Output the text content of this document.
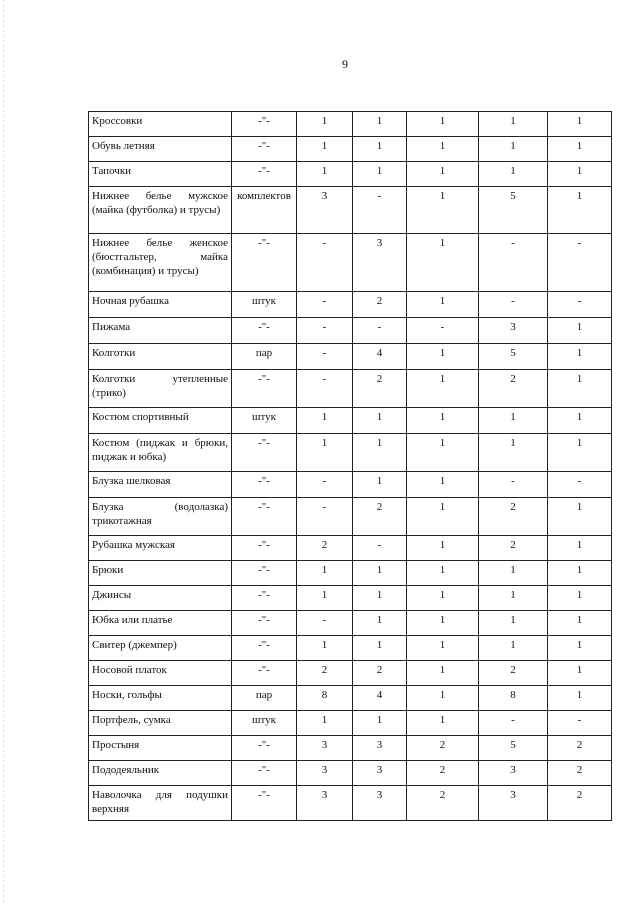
9
Кроссовки	-"-	1	1	1	1	1
Обувь летняя	-"-	1	1	1	1	1
Тапочки	-"-	1	1	1	1	1
Нижнее белье мужское (майка (футболка) и трусы)	комплектов	3	-	1	5	1
Нижнее белье женское (бюстгальтер, майка (комбинация) и трусы)	-"-	-	3	1	-	-
Ночная рубашка	штук	-	2	1	-	-
Пижама	-"-	-	-	-	3	1
Колготки	пар	-	4	1	5	1
Колготки утепленные (трико)	-"-	-	2	1	2	1
Костюм спортивный	штук	1	1	1	1	1
Костюм (пиджак и брюки, пиджак и юбка)	-"-	1	1	1	1	1
Блузка шелковая	-"-	-	1	1	-	-
Блузка (водолазка) трикотажная	-"-	-	2	1	2	1
Рубашка мужская	-"-	2	-	1	2	1
Брюки	-"-	1	1	1	1	1
Джинсы	-"-	1	1	1	1	1
Юбка или платье	-"-	-	1	1	1	1
Свитер (джемпер)	-"-	1	1	1	1	1
Носовой платок	-"-	2	2	1	2	1
Носки, гольфы	пар	8	4	1	8	1
Портфель, сумка	штук	1	1	1	-	-
Простыня	-"-	3	3	2	5	2
Пододеяльник	-"-	3	3	2	3	2
Наволочка для подушки верхняя	-"-	3	3	2	3	2
